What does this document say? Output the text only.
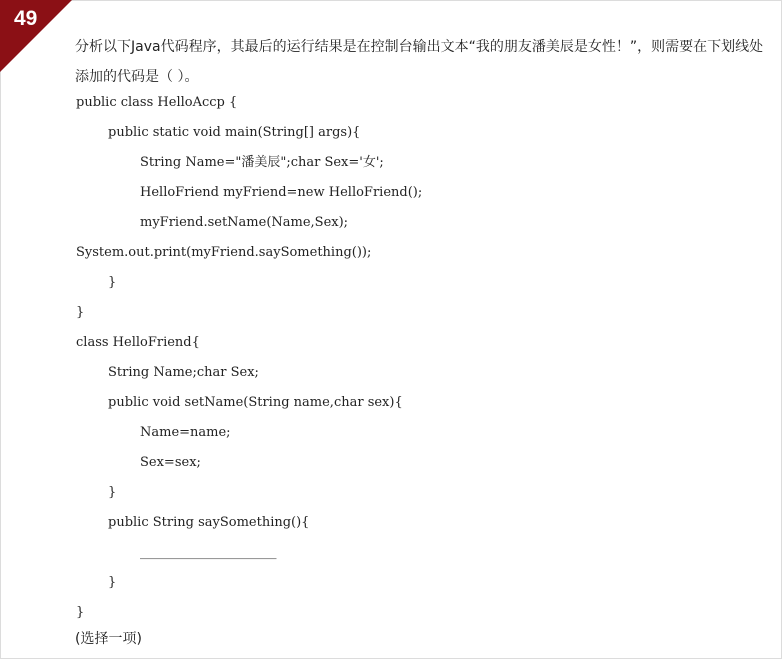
49
分析以下Java代码程序，其最后的运行结果是在控制台输出文本“我的朋友潘美辰是女性！”，则需要在下划线处添加的代码是（ ）。
public class HelloAccp {
public static void main(String[] args){
String Name="潘美辰";char Sex='女';
HelloFriend myFriend=new HelloFriend();
myFriend.setName(Name,Sex);
System.out.print(myFriend.saySomething());
}
}
class HelloFriend{
String Name;char Sex;
public void setName(String name,char sex){
Name=name;
Sex=sex;
}
public String saySomething(){
_____________________
}
}
(选择一项)
